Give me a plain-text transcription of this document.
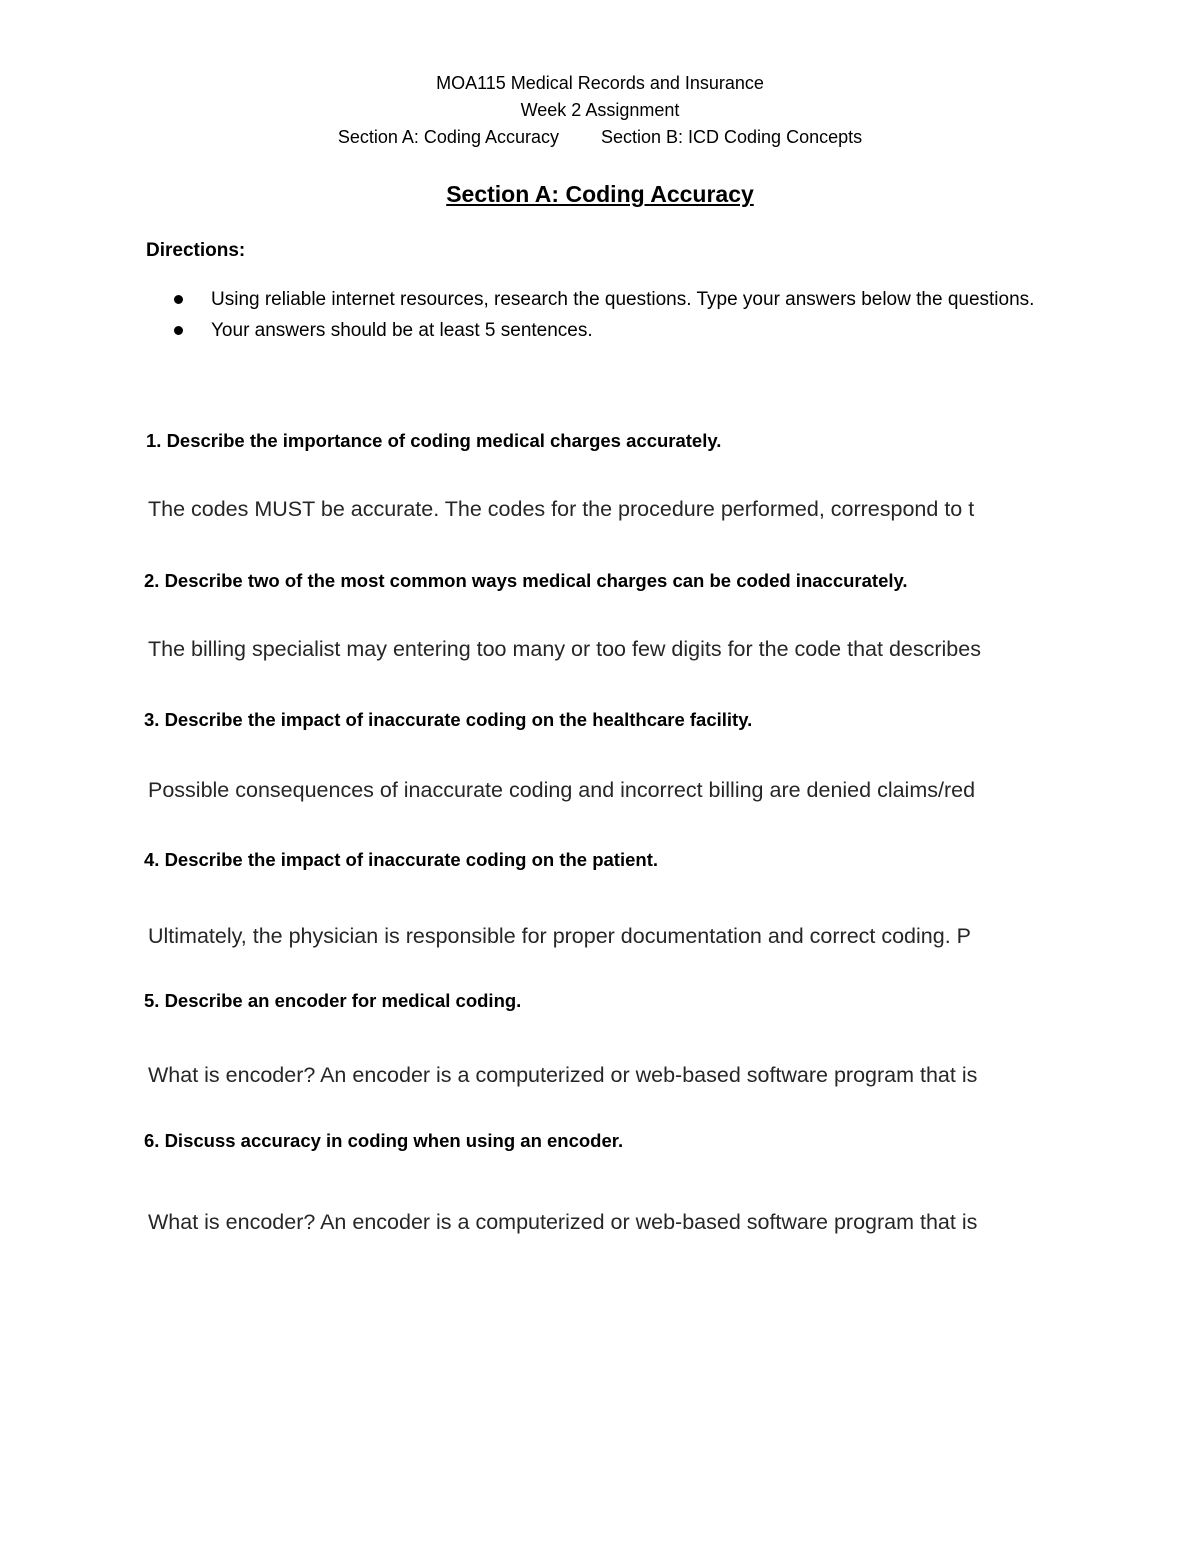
MOA115 Medical Records and Insurance
Week 2 Assignment
Section A: Coding Accuracy Section B: ICD Coding Concepts
Section A: Coding Accuracy
Directions:
Using reliable internet resources, research the questions. Type your answers below the questions.
Your answers should be at least 5 sentences.
1. Describe the importance of coding medical charges accurately.
The codes MUST be accurate. The codes for the procedure performed, correspond to t
2. Describe two of the most common ways medical charges can be coded inaccurately.
The billing specialist may entering too many or too few digits for the code that describes
3. Describe the impact of inaccurate coding on the healthcare facility.
Possible consequences of inaccurate coding and incorrect billing are denied claims/red
4. Describe the impact of inaccurate coding on the patient.
Ultimately, the physician is responsible for proper documentation and correct coding. P
5. Describe an encoder for medical coding.
What is encoder? An encoder is a computerized or web-based software program that is
6. Discuss accuracy in coding when using an encoder.
What is encoder? An encoder is a computerized or web-based software program that is
